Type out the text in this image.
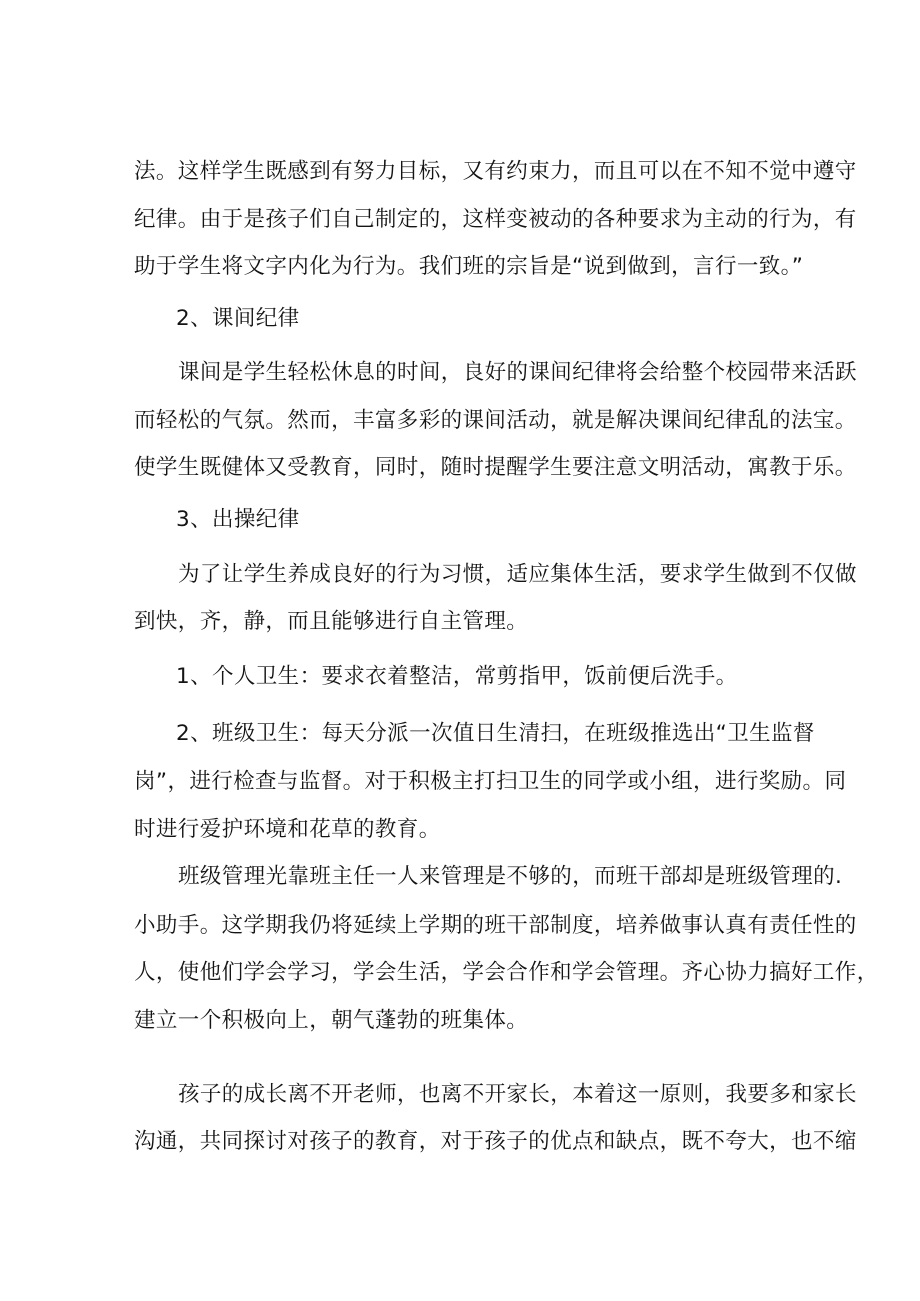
法。这样学生既感到有努力目标，又有约束力，而且可以在不知不觉中遵守
纪律。由于是孩子们自己制定的，这样变被动的各种要求为主动的行为，有
助于学生将文字内化为行为。我们班的宗旨是“说到做到，言行一致。”
2、课间纪律
课间是学生轻松休息的时间，良好的课间纪律将会给整个校园带来活跃
而轻松的气氛。然而，丰富多彩的课间活动，就是解决课间纪律乱的法宝。
使学生既健体又受教育，同时，随时提醒学生要注意文明活动，寓教于乐。
3、出操纪律
为了让学生养成良好的行为习惯，适应集体生活，要求学生做到不仅做
到快，齐，静，而且能够进行自主管理。
1、个人卫生：要求衣着整洁，常剪指甲，饭前便后洗手。
2、班级卫生：每天分派一次值日生清扫，在班级推选出“卫生监督
岗”，进行检查与监督。对于积极主打扫卫生的同学或小组，进行奖励。同
时进行爱护环境和花草的教育。
班级管理光靠班主任一人来管理是不够的，而班干部却是班级管理的.
小助手。这学期我仍将延续上学期的班干部制度，培养做事认真有责任性的
人，使他们学会学习，学会生活，学会合作和学会管理。齐心协力搞好工作，
建立一个积极向上，朝气蓬勃的班集体。
孩子的成长离不开老师，也离不开家长，本着这一原则，我要多和家长
沟通，共同探讨对孩子的教育，对于孩子的优点和缺点，既不夸大，也不缩
